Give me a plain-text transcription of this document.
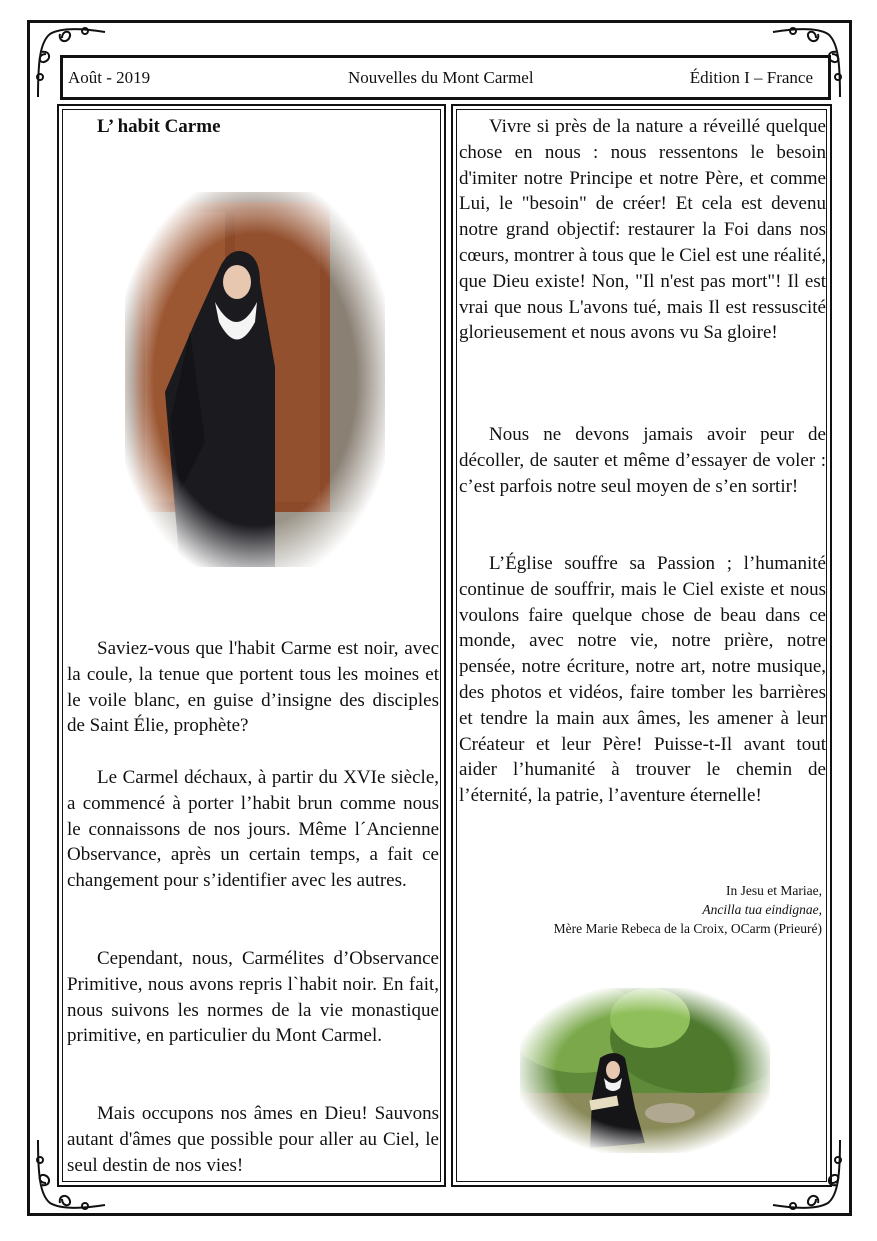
Août - 2019	Nouvelles du Mont Carmel	Édition I – France
L’ habit Carme
Saviez-vous que l'habit Carme est noir, avec la coule, la tenue que portent tous les moines et le voile blanc, en guise d’insigne des disciples de Saint Élie, prophète?
Le Carmel déchaux, à partir du XVIe siècle, a commencé à porter l’habit brun comme nous le connaissons de nos jours. Même l´Ancienne Observance, après un certain temps, a fait ce changement pour s’identifier avec les autres.
Cependant, nous, Carmélites d’Observance Primitive, nous avons repris l`habit noir. En fait, nous suivons les normes de la vie monastique primitive, en particulier du Mont Carmel.
Mais occupons nos âmes en Dieu! Sauvons autant d'âmes que possible pour aller au Ciel, le seul destin de nos vies!
Vivre si près de la nature a réveillé quelque chose en nous : nous ressentons le besoin d'imiter notre Principe et notre Père, et comme Lui, le "besoin" de créer! Et cela est devenu notre grand objectif: restaurer la Foi dans nos cœurs, montrer à tous que le Ciel est une réalité, que Dieu existe! Non, "Il n'est pas mort"! Il est vrai que nous L'avons tué, mais Il est ressuscité glorieusement et nous avons vu Sa gloire!
Nous ne devons jamais avoir peur de décoller, de sauter et même d’essayer de voler : c’est parfois notre seul moyen de s’en sortir!
L’Église souffre sa Passion ; l’humanité continue de souffrir, mais le Ciel existe et nous voulons faire quelque chose de beau dans ce monde, avec notre vie, notre prière, notre pensée, notre écriture, notre art, notre musique, des photos et vidéos, faire tomber les barrières et tendre la main aux âmes, les amener à leur Créateur et leur Père! Puisse-t-Il avant tout aider l’humanité à trouver le chemin de l’éternité, la patrie, l’aventure éternelle!
In Jesu et Mariae,
Ancilla tua eindignae,
Mère Marie Rebeca de la Croix, OCarm (Prieuré)
